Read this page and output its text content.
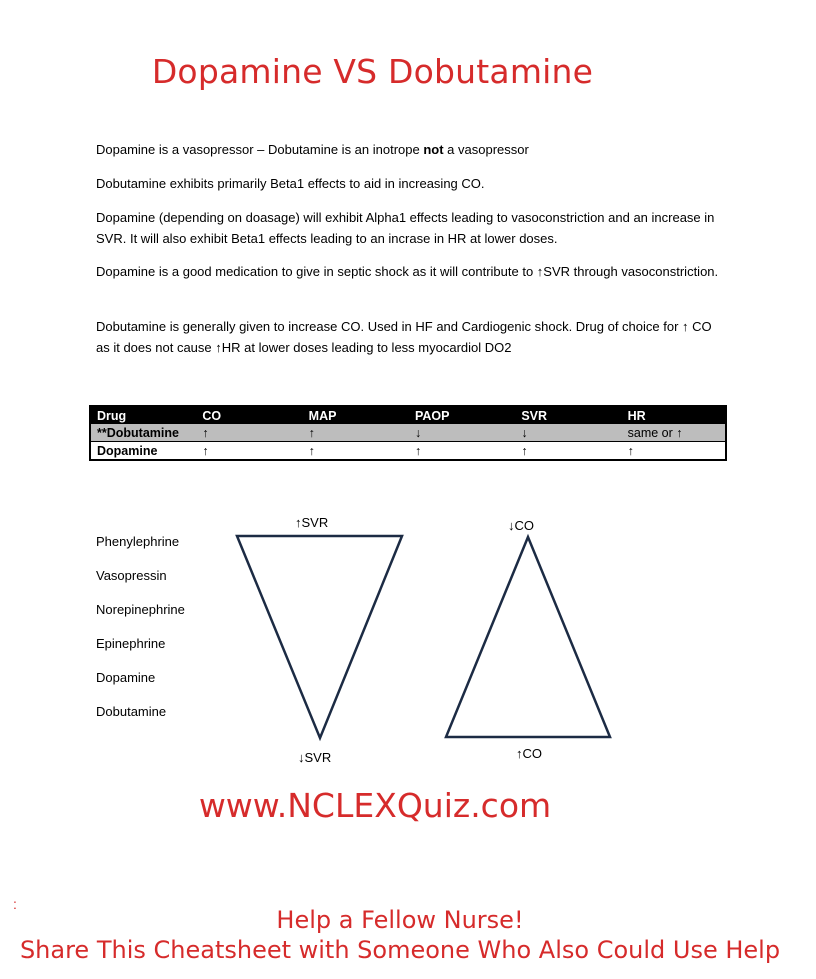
Dopamine VS Dobutamine

Dopamine is a vasopressor – Dobutamine is an inotrope not a vasopressor

Dobutamine exhibits primarily Beta1 effects to aid in increasing CO.

Dopamine (depending on doasage) will exhibit Alpha1 effects leading to vasoconstriction and an increase in SVR. It will also exhibit Beta1 effects leading to an incrase in HR at lower doses.

Dopamine is a good medication to give in septic shock as it will contribute to ↑SVR through vasoconstriction.

Dobutamine is generally given to increase CO. Used in HF and Cardiogenic shock. Drug of choice for ↑ CO as it does not cause ↑HR at lower doses leading to less myocardiol DO2

Drug	CO	MAP	PAOP	SVR	HR
**Dobutamine	↑	↑	↓	↓	same or ↑
Dopamine	↑	↑	↑	↑	↑
Phenylephrine
Vasopressin
Norepinephrine
Epinephrine
Dopamine
Dobutamine
↑SVR
↓SVR
↓CO
↑CO
www.NCLEXQuiz.com
:
Help a Fellow Nurse!
Share This Cheatsheet with Someone Who Also Could Use Help
